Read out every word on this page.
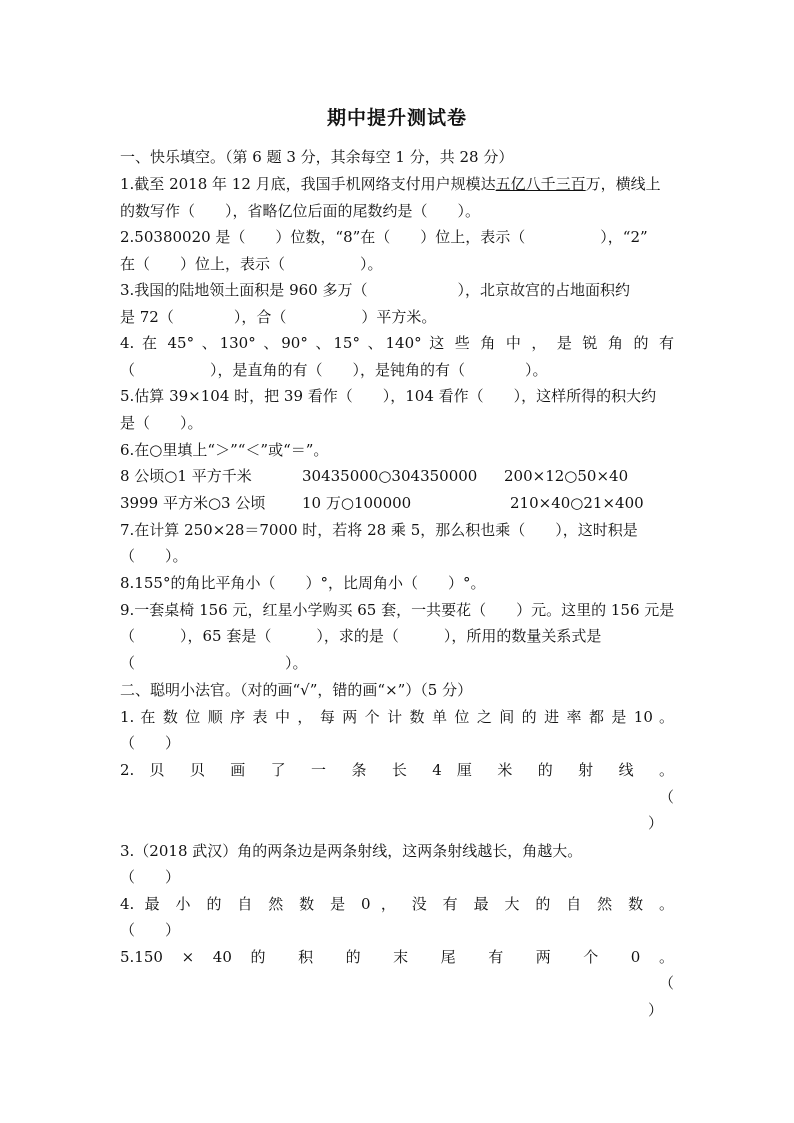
期中提升测试卷
一、快乐填空。（第 6 题 3 分，其余每空 1 分，共 28 分）
1.截至 2018 年 12 月底，我国手机网络支付用户规模达五亿八千三百万，横线上
的数写作（　　），省略亿位后面的尾数约是（　　）。
2.50380020 是（　　）位数，“8”在（　　）位上，表示（　　　　　），“2”
在（　　）位上，表示（　　　　　）。
3.我国的陆地领土面积是 960 多万（　　　　　　），北京故宫的占地面积约
是 72（　　　　），合（　　　　　）平方米。
4. 在 45° 、130° 、90° 、15° 、140° 这 些 角 中 ， 是 锐 角 的 有
（　　　　　），是直角的有（　　），是钝角的有（　　　　）。
5.估算 39×104 时，把 39 看作（　　），104 看作（　　），这样所得的积大约
是（　　）。
6.在○里填上“＞”“＜”或“＝”。
8 公顷○1 平方千米	30435000○304350000 200×12○50×40
3999 平方米○3 公顷 10 万○100000	210×40○21×400
7.在计算 250×28＝7000 时，若将 28 乘 5，那么积也乘（　　），这时积是
（　　）。
8.155°的角比平角小（　　）°，比周角小（　　）°。
9.一套桌椅 156 元，红星小学购买 65 套，一共要花（　　）元。这里的 156 元是
（　　　），65 套是（　　　），求的是（　　　），所用的数量关系式是
（　　　　　　　　　　）。
二、聪明小法官。（对的画“√”，错的画“×”）（5 分）
1. 在 数 位 顺 序 表 中 ， 每 两 个 计 数 单 位 之 间 的 进 率 都 是 10 。
（　　）
2. 贝 贝 画 了 一 条 长 4 厘 米 的 射 线 。
（
）
3.（2018 武汉）角的两条边是两条射线，这两条射线越长，角越大。
（　　）
4. 最 小 的 自 然 数 是 0 ， 没 有 最 大 的 自 然 数 。
（　　）
5.150 × 40 的 积 的 末 尾 有 两 个 0 。
（
）
